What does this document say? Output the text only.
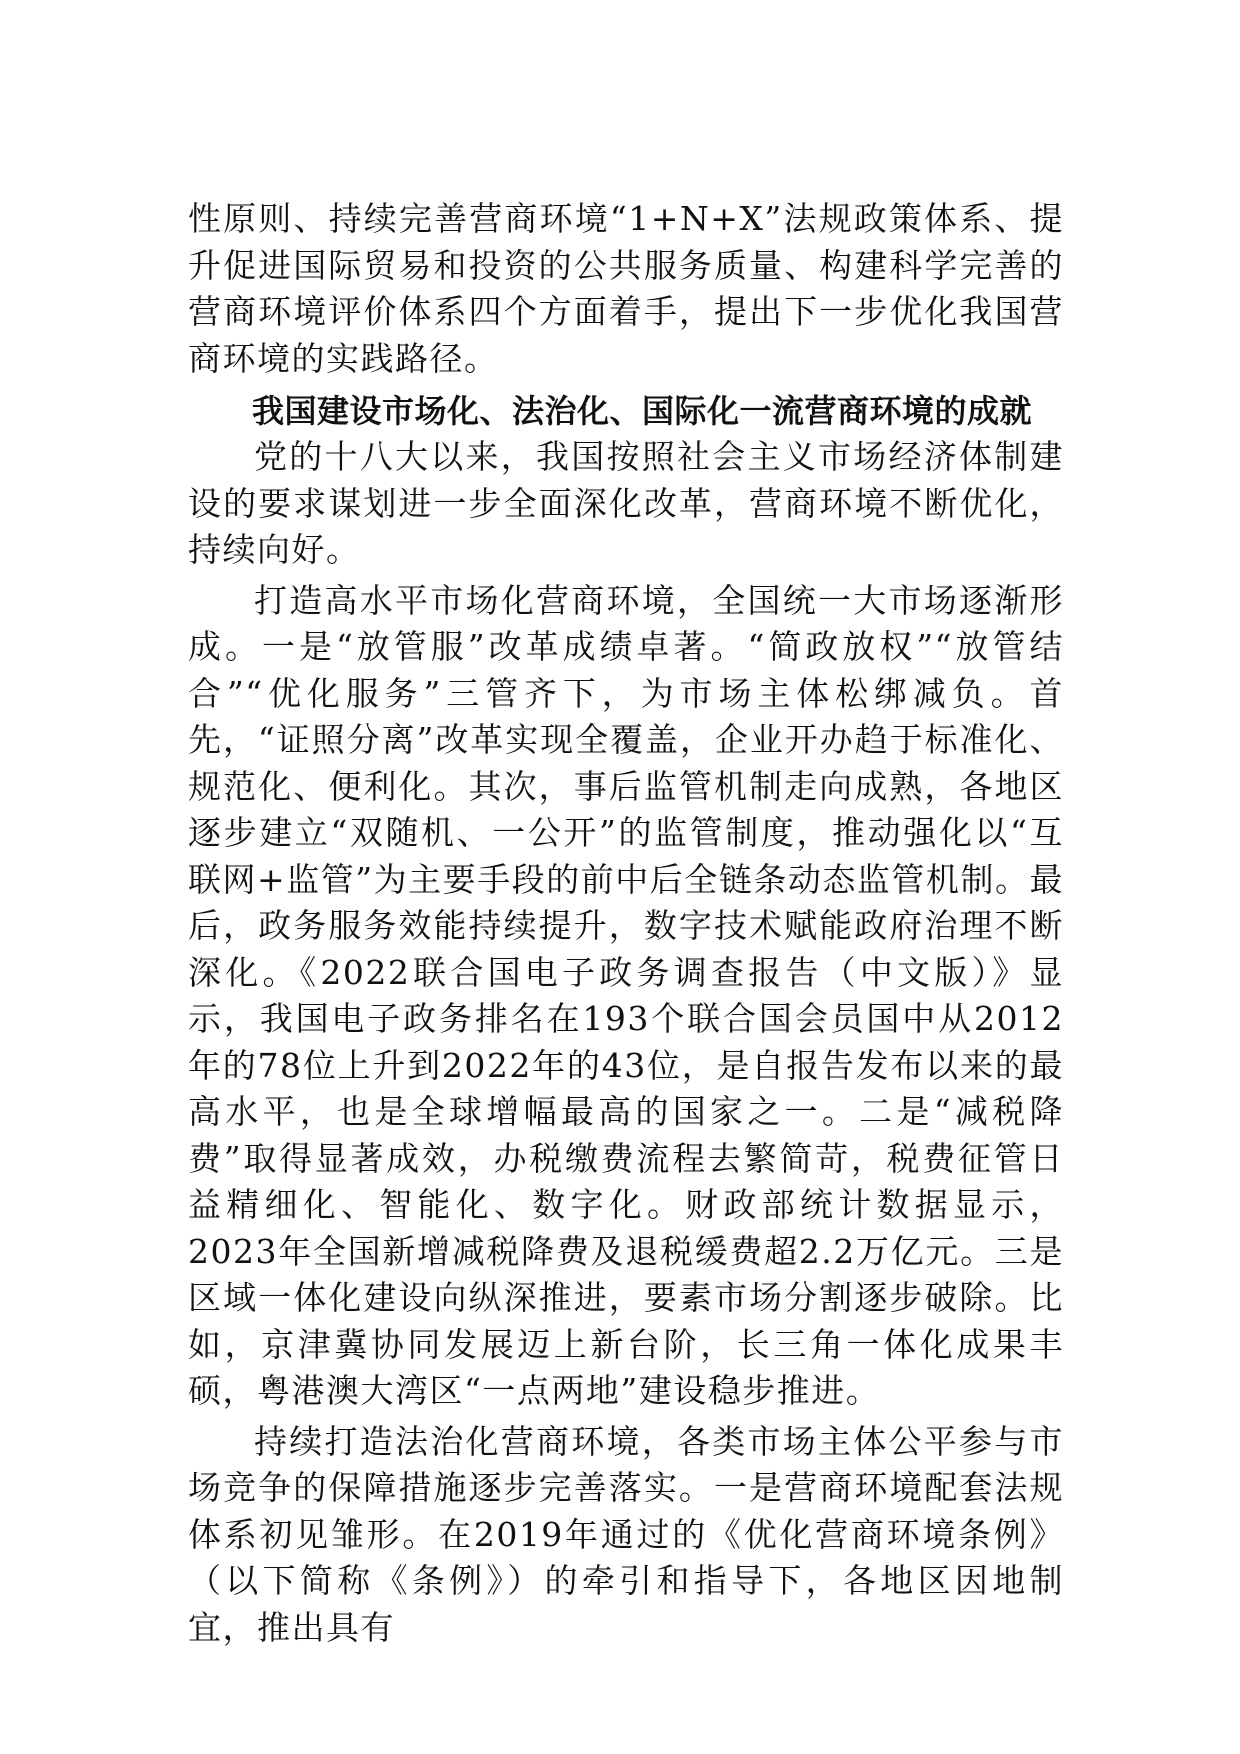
性原则、持续完善营商环境“1+N+X”法规政策体系、提升促进国际贸易和投资的公共服务质量、构建科学完善的营商环境评价体系四个方面着手，提出下一步优化我国营商环境的实践路径。

我国建设市场化、法治化、国际化一流营商环境的成就

党的十八大以来，我国按照社会主义市场经济体制建设的要求谋划进一步全面深化改革，营商环境不断优化，持续向好。

打造高水平市场化营商环境，全国统一大市场逐渐形成。一是“放管服”改革成绩卓著。“简政放权”“放管结合”“优化服务”三管齐下，为市场主体松绑减负。首先，“证照分离”改革实现全覆盖，企业开办趋于标准化、规范化、便利化。其次，事后监管机制走向成熟，各地区逐步建立“双随机、一公开”的监管制度，推动强化以“互联网+监管”为主要手段的前中后全链条动态监管机制。最后，政务服务效能持续提升，数字技术赋能政府治理不断深化。《2022联合国电子政务调查报告（中文版）》显示，我国电子政务排名在193个联合国会员国中从2012年的78位上升到2022年的43位，是自报告发布以来的最高水平，也是全球增幅最高的国家之一。二是“减税降费”取得显著成效，办税缴费流程去繁简苛，税费征管日益精细化、智能化、数字化。财政部统计数据显示，2023年全国新增减税降费及退税缓费超2.2万亿元。三是区域一体化建设向纵深推进，要素市场分割逐步破除。比如，京津冀协同发展迈上新台阶，长三角一体化成果丰硕，粤港澳大湾区“一点两地”建设稳步推进。

持续打造法治化营商环境，各类市场主体公平参与市场竞争的保障措施逐步完善落实。一是营商环境配套法规体系初见雏形。在2019年通过的《优化营商环境条例》（以下简称《条例》）的牵引和指导下，各地区因地制宜，推出具有
